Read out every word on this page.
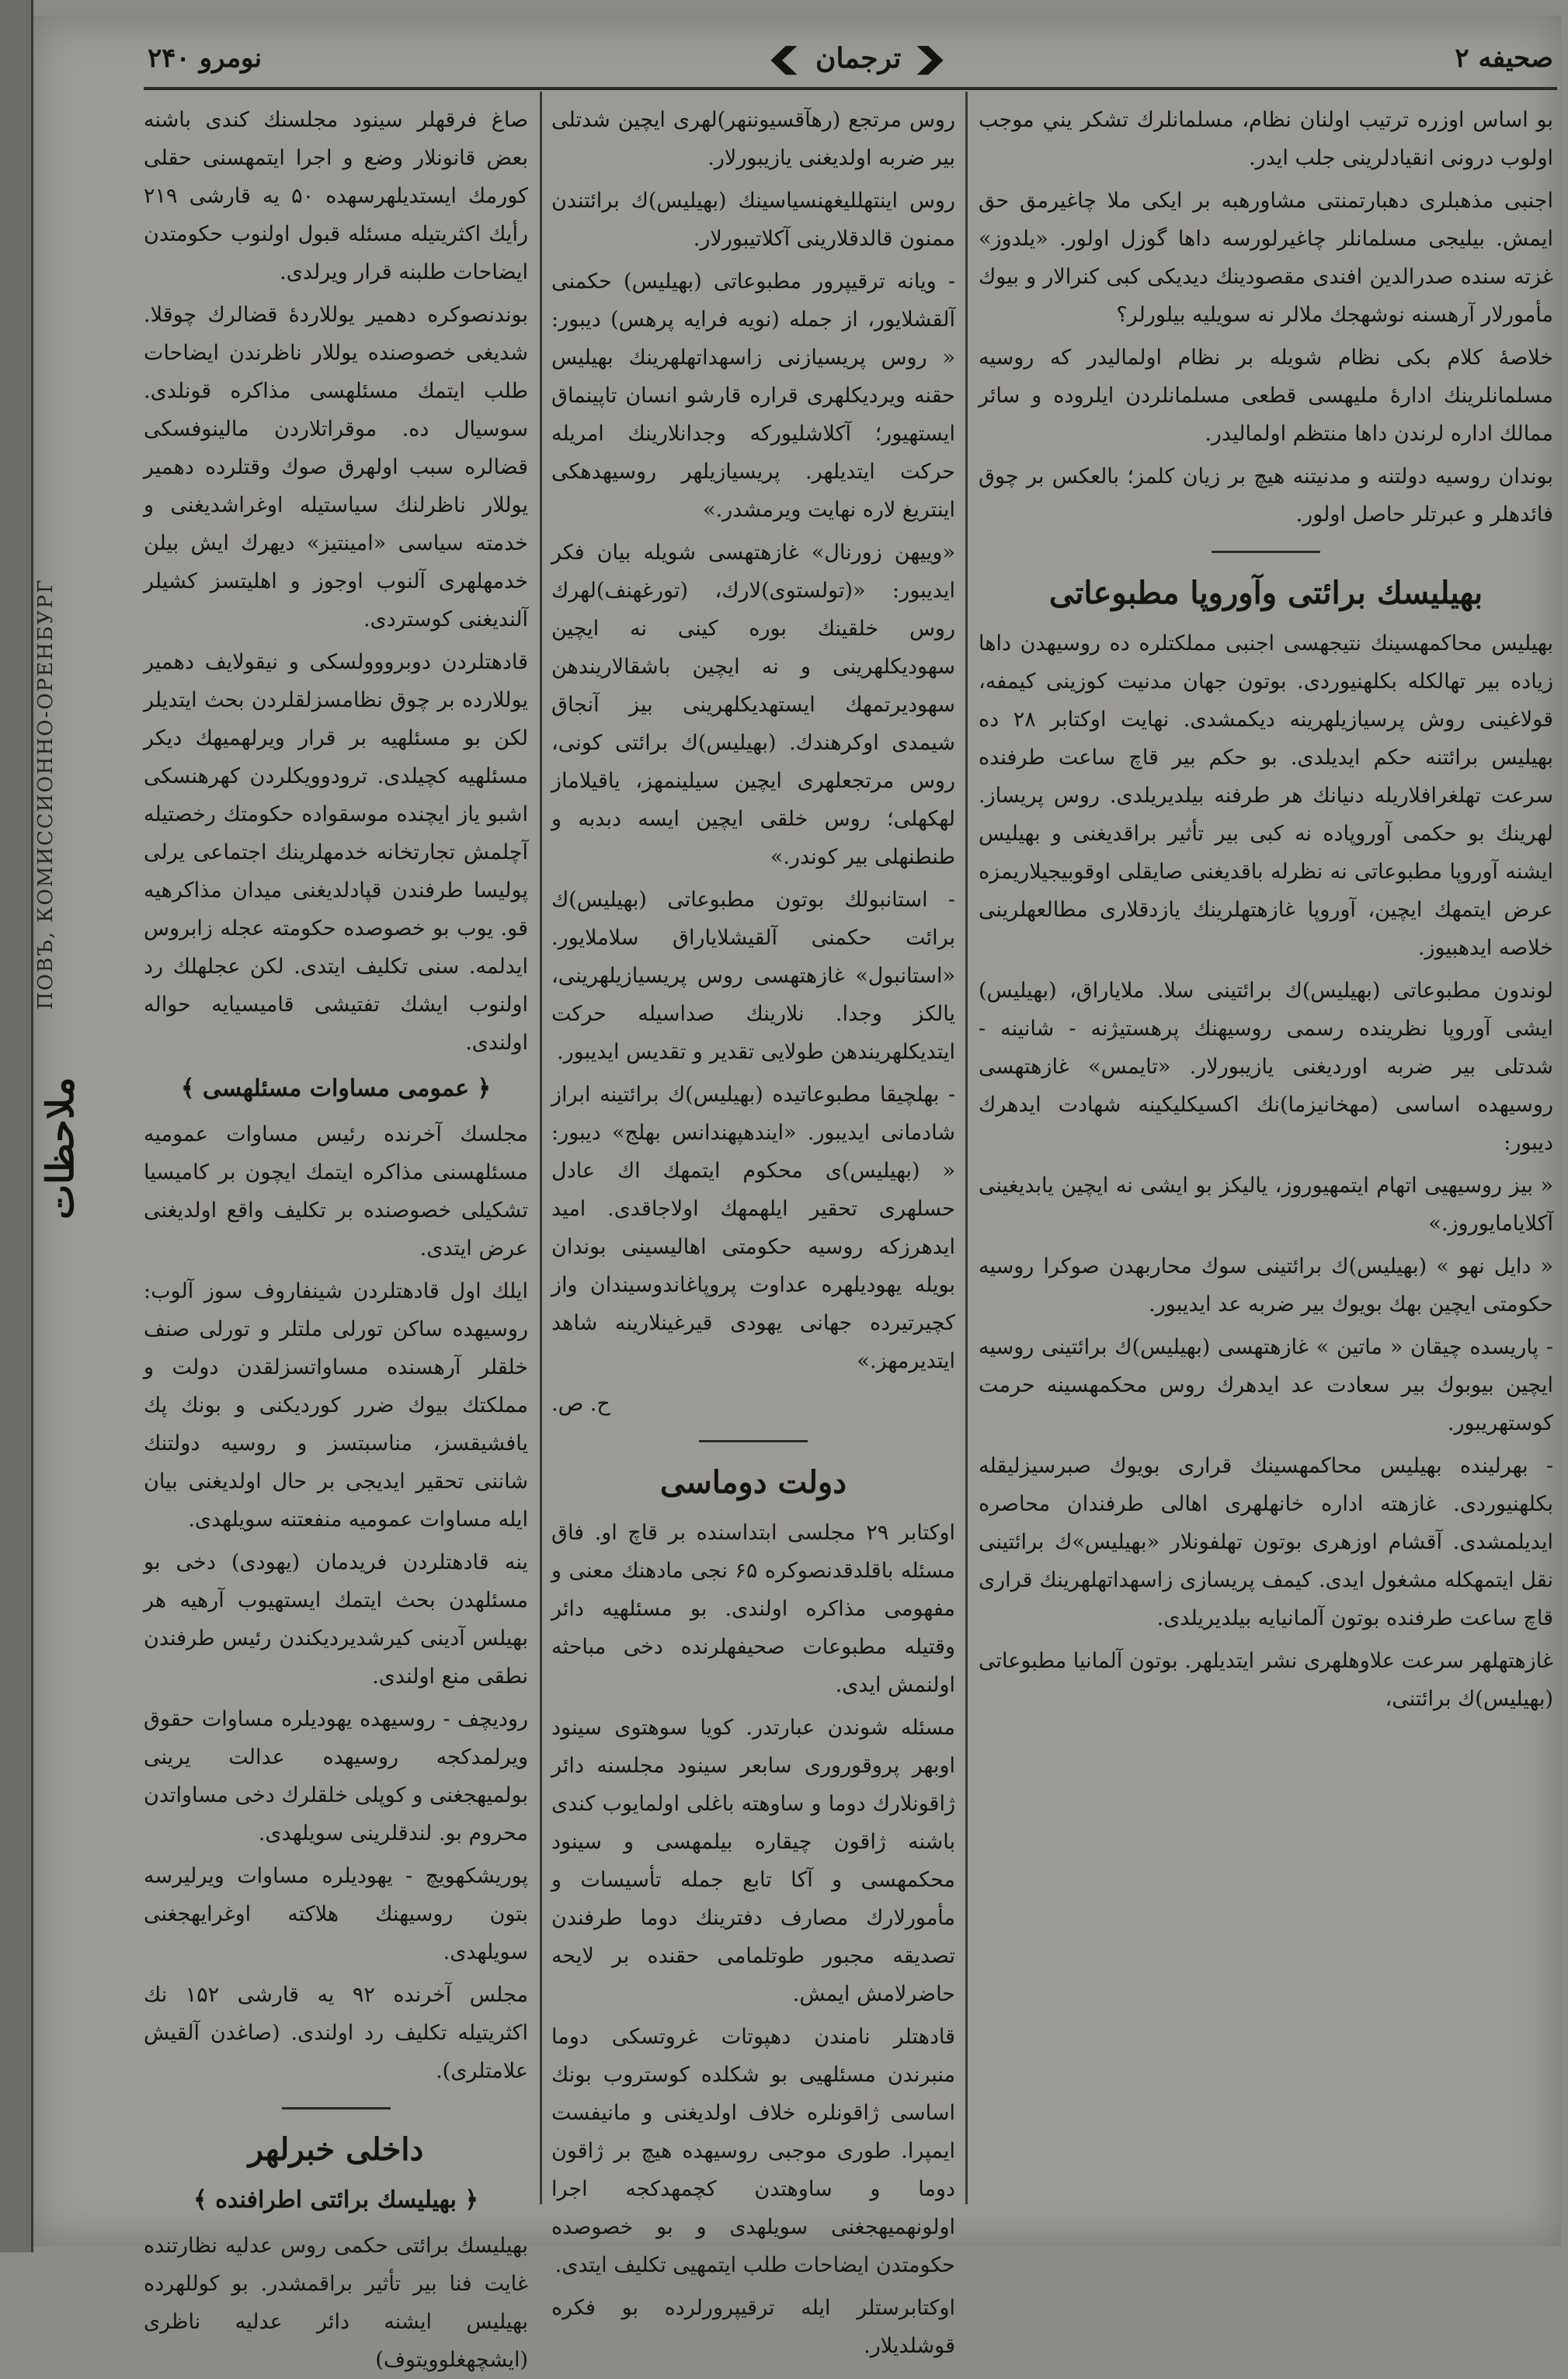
ПОВЪ, КОМИССИОННО-ОРЕНБУРГ
ملاحظات
صحیفه ۲
❮ ترجمان ❯
نومرو ۲۴۰

بو اساس اوزره ترتیب اولنان نظام، مسلمانلرك تشکر یني موجب اولوب درونی انقیادلرینی جلب ایدر.

اجنبی مذهبلری دهبارتمنتی مشاورهبه بر ایکی ملا چاغیرمق حق ایمش. بیلیجی مسلمانلر چاغیرلورسه داها گوزل اولور. «یلدوز» غزته سنده صدرالدین افندی مقصودینك دیدیکی کبی کنرالار و بیوك مأمورلار آرهسنه نوشهجك ملالر نه سویلیه بیلورلر؟

خلاصهٔ کلام بکی نظام شویله بر نظام اولمالیدر که روسیه مسلمانلرینك ادارهٔ ملیهسی قطعی مسلمانلردن ایلروده و سائر ممالك اداره لرندن داها منتظم اولمالیدر.

بوندان روسیه دولتنه و مدنیتنه هیچ بر زیان کلمز؛ بالعکس بر چوق فائدهلر و عبرتلر حاصل اولور.

بهیلیسك برائتی وآوروپا مطبوعاتی

بهیلیس محاکمهسینك نتیجهسی اجنبی مملکتلره ده روسیهدن داها زیاده بیر تهالکله بکلهنیوردی. بوتون جهان مدنیت کوزینی کیمفه، قولاغینی روش پرسیازیلهرینه دیکمشدی. نهایت اوکتابر ۲۸ ده بهیلیس برائتنه حکم ایدیلدی. بو حکم بیر قاچ ساعت طرفنده سرعت تهلغرافلاریله دنیانك هر طرفنه بیلدیریلدی. روس پریساز. لهرینك بو حکمی آوروپاده نه کبی بیر تأثیر براقدیغنی و بهیلیس ایشنه آوروپا مطبوعاتی نه نظرله باقدیغنی صایقلی اوقوبیجیلاریمزه عرض ایتمهك ایچین، آوروپا غازهتهلرینك یازدقلاری مطالعهلرینی خلاصه ایدهبیوز.

لوندون مطبوعاتی (بهیلیس)ك برائتینی سلا. ملایاراق، (بهیلیس) ایشی آوروپا نظرینده رسمی روسیهنك پرهستیژنه - شانینه - شدتلی بیر ضربه اوردیغنی یازیبورلار. «تایمس» غازهتهسی روسیهده اساسی (مهخانیزما)نك اکسیکلیکینه شهادت ایدهرك دیبور:

« بیز روسیهیی اتهام ایتمهیوروز، یالیکز بو ایشی نه ایچین یابدیغینی آکلایامایوروز.»

« دایل نهو » (بهیلیس)ك برائتینی سوك محاربهدن صوکرا روسیه حکومتی ایچین بهك بویوك بیر ضربه عد ایدیبور.

- پاریسده چیقان « ماتین » غازهتهسی (بهیلیس)ك برائتینی روسیه ایچین بیوبوك بیر سعادت عد ایدهرك روس محکمهسینه حرمت کوستهریبور.

- بهرلینده بهیلیس محاکمهسینك قراری بویوك صبرسیزلیقله بکلهنیوردی. غازهته اداره خانهلهری اهالی طرفندان محاصره ایدیلمشدی. آقشام اوزهری بوتون تهلفونلار «بهیلیس»ك برائتینی نقل ایتمهکله مشغول ایدی. کیمف پریسازی زاسهداتهلهرینك قراری قاچ ساعت طرفنده بوتون آلمانیایه بیلدیریلدی.

غازهتهلهر سرعت علاوهلهری نشر ایتدیلهر. بوتون آلمانیا مطبوعاتی (بهیلیس)ك برائتنی،

روس مرتجع (رهآقسیوننهر)لهری ایچین شدتلی بیر ضربه اولدیغنی یازیبورلار.

روس اینتهللیغهنسیاسینك (بهیلیس)ك برائتندن ممنون قالدقلارینی آکلاتیبورلار.

- ویانه ترقیپرور مطبوعاتی (بهیلیس) حکمنی آلقشلایور، از جمله (نویه فرایه پرهس) دیبور: « روس پریسیازنی زاسهداتهلهرینك بهیلیس حقنه ویردیکلهری قراره قارشو انسان تاپینماق ایستهیور؛ آکلاشلیورکه وجدانلارینك امریله حرکت ایتدیلهر. پریسیازیلهر روسیهدهکی اینتریغ لاره نهایت ویرمشدر.»

«وییهن زورنال» غازهتهسی شویله بیان فکر ایدیبور: «(تولستوی)لارك، (تورغهنف)لهرك روس خلقینك بوره کینی نه ایچین سهودیکلهرینی و نه ایچین باشقالاریندهن سهودیرتمهك ایستهدیکلهرینی بیز آنجاق شیمدی اوکرهندك. (بهیلیس)ك برائتی کونی، روس مرتجعلهری ایچین سیلینمهز، یاقیلاماز لهکهلی؛ روس خلقی ایچین ایسه دبدبه و طنطنهلی بیر کوندر.»

- استانبولك بوتون مطبوعاتی (بهیلیس)ك برائت حکمنی آلقیشلایاراق سلاملایور. «استانبول» غازهتهسی روس پریسیازیلهرینی، یالکز وجدا. نلارینك صداسیله حرکت ایتدیکلهریندهن طولایی تقدیر و تقدیس ایدیبور.

- بهلچیقا مطبوعاتیده (بهیلیس)ك برائتینه ابراز شادمانی ایدیبور. «ایندهپهندانس بهلج» دیبور: « (بهیلیس)ی محکوم ایتمهك اك عادل حسلهری تحقیر ایلهمهك اولاجاقدی. امید ایدهرزکه روسیه حکومتی اهالیسینی بوندان بویله یهودیلهره عداوت پروپاغاندوسیندان واز کچیرتیرده جهانی یهودی قیرغینلارینه شاهد ایتدیرمهز.»

ح. ص.

دولت دوماسی

اوکتابر ۲۹ مجلسی ابتداسنده بر قاچ او. فاق مسئله باقلدقدنصوکره ۶۵ نجی مادهنك معنی و مفهومی مذاکره اولندی. بو مسئلهیه دائر وقتیله مطبوعات صحیفهلرنده دخی مباحثه اولنمش ایدی.

مسئله شوندن عبارتدر. کویا سوهتوی سینود اوبهر پروقوروری سابعر سینود مجلسنه دائر ژاقونلارك دوما و ساوهته باغلی اولمایوب کندی باشنه ژاقون چیقاره بیلمهسی و سینود محکمهسی و آکا تابع جمله تأسیسات و مأمورلارك مصارف دفترینك دوما طرفندن تصدیقه مجبور طوتلمامی حقنده بر لایحه حاضرلامش ایمش.

قادهتلر نامندن دهپوتات غروتسکی دوما منبرندن مسئلهیی بو شکلده کوستروب بونك اساسی ژاقونلره خلاف اولدیغنی و مانیفست ایمپرا. طوری موجبی روسیهده هیچ بر ژاقون دوما و ساوهتدن کچمهدکجه اجرا اولونهمیهجغنی سویلهدی و بو خصوصده حکومتدن ایضاحات طلب ایتمهیی تکلیف ایتدی.

اوکتابرستلر ایله ترقیپرورلرده بو فکره قوشلدیلار.

صاغ فرقهلر سینود مجلسنك کندی باشنه بعض قانونلار وضع و اجرا ایتمهسنی حقلی کورمك ایستدیلهرسهده ۵۰ یه قارشی ۲۱۹ رأیك اکثریتیله مسئله قبول اولنوب حکومتدن ایضاحات طلبنه قرار ویرلدی.

بوندنصوکره دهمیر یوللاردهٔ قضالرك چوقلا. شدیغی خصوصنده یوللار ناظرندن ایضاحات طلب ایتمك مسئلهسی مذاکره قونلدی. سوسیال ده. موقراتلاردن مالینوفسکی قضالره سبب اولهرق صوك وقتلرده دهمیر یوللار ناظرلنك سیاستیله اوغراشدیغنی و خدمته سیاسی «امینتیز» دیهرك ایش بیلن خدمهلهری آلنوب اوجوز و اهلیتسز کشیلر آلندیغنی کوستردی.

قادهتلردن دوبرووولسکی و نیقولایف دهمیر یوللارده بر چوق نظامسزلقلردن بحث ایتدیلر لکن بو مسئلهیه بر قرار ویرلهمیهك دیکر مسئلهیه کچیلدی. ترودوویکلردن کهرهنسکی اشبو یاز ایچنده موسقواده حکومتك رخصتیله آچلمش تجارتخانه خدمهلرینك اجتماعی یرلی پولیسا طرفندن قپادلدیغنی میدان مذاکرهیه قو. یوب بو خصوصده حکومته عجله زابروس ایدلمه. سنی تکلیف ایتدی. لکن عجلهلك رد اولنوب ایشك تفتیشی قامیسیایه حواله اولندی.

﴿ عمومی مساوات مسئلهسی ﴾

مجلسك آخرنده رئیس مساوات عمومیه مسئلهسنی مذاکره ایتمك ایچون بر کامیسیا تشکیلی خصوصنده بر تکلیف واقع اولدیغنی عرض ایتدی.

ایلك اول قادهتلردن شینفاروف سوز آلوب: روسیهده ساکن تورلی ملتلر و تورلی صنف خلقلر آرهسنده مساواتسزلقدن دولت و مملکتك بیوك ضرر کوردیکنی و بونك پك یافشیقسز، مناسبتسز و روسیه دولتنك شاننی تحقیر ایدیجی بر حال اولدیغنی بیان ایله مساوات عمومیه منفعتنه سویلهدی.

ینه قادهتلردن فریدمان (یهودی) دخی بو مسئلهدن بحث ایتمك ایستهیوب آرهیه هر بهیلس آدینی کیرشدیردیکندن رئیس طرفندن نطقی منع اولندی.

رودیچف - روسیهده یهودیلره مساوات حقوق ویرلمدکجه روسیهده عدالت یرینی بولمیهجغنی و کوپلی خلقلرك دخی مساواتدن محروم بو. لندقلرینی سویلهدی.

پوریشکهویچ - یهودیلره مساوات ویرلیرسه بتون روسیهنك هلاکته اوغرایهجغنی سویلهدی.

مجلس آخرنده ۹۲ یه قارشی ۱۵۲ نك اکثریتیله تکلیف رد اولندی. (صاغدن آلقیش علامتلری).

داخلی خبرلهر
﴿ بهیلیسك برائتی اطرافنده ﴾

بهیلیسك برائتی حکمی روس عدلیه نظارتنده غایت فنا بیر تأثیر براقمشدر. بو کوللهرده بهیلیس ایشنه دائر عدلیه ناظری (ایشچهغلوویتوف)
